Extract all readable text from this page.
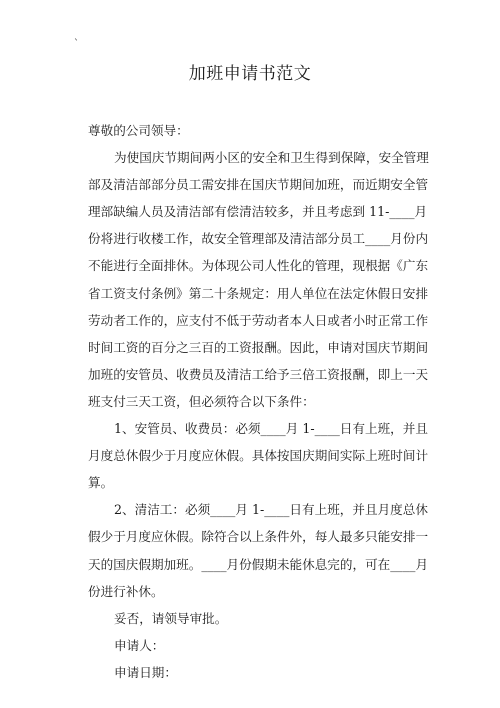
`
加班申请书范文

尊敬的公司领导：

为使国庆节期间两小区的安全和卫生得到保障，安全管理部及清洁部部分员工需安排在国庆节期间加班，而近期安全管理部缺编人员及清洁部有偿清洁较多，并且考虑到 11-____月份将进行收楼工作，故安全管理部及清洁部分员工____月份内不能进行全面排休。为体现公司人性化的管理，现根据《广东省工资支付条例》第二十条规定：用人单位在法定休假日安排劳动者工作的，应支付不低于劳动者本人日或者小时正常工作时间工资的百分之三百的工资报酬。因此，申请对国庆节期间加班的安管员、收费员及清洁工给予三倍工资报酬，即上一天班支付三天工资，但必须符合以下条件：

1、安管员、收费员：必须____月 1-____日有上班，并且月度总休假少于月度应休假。具体按国庆期间实际上班时间计算。

2、清洁工：必须____月 1-____日有上班，并且月度总休假少于月度应休假。除符合以上条件外，每人最多只能安排一天的国庆假期加班。____月份假期未能休息完的，可在____月份进行补休。

妥否，请领导审批。

申请人：

申请日期：
